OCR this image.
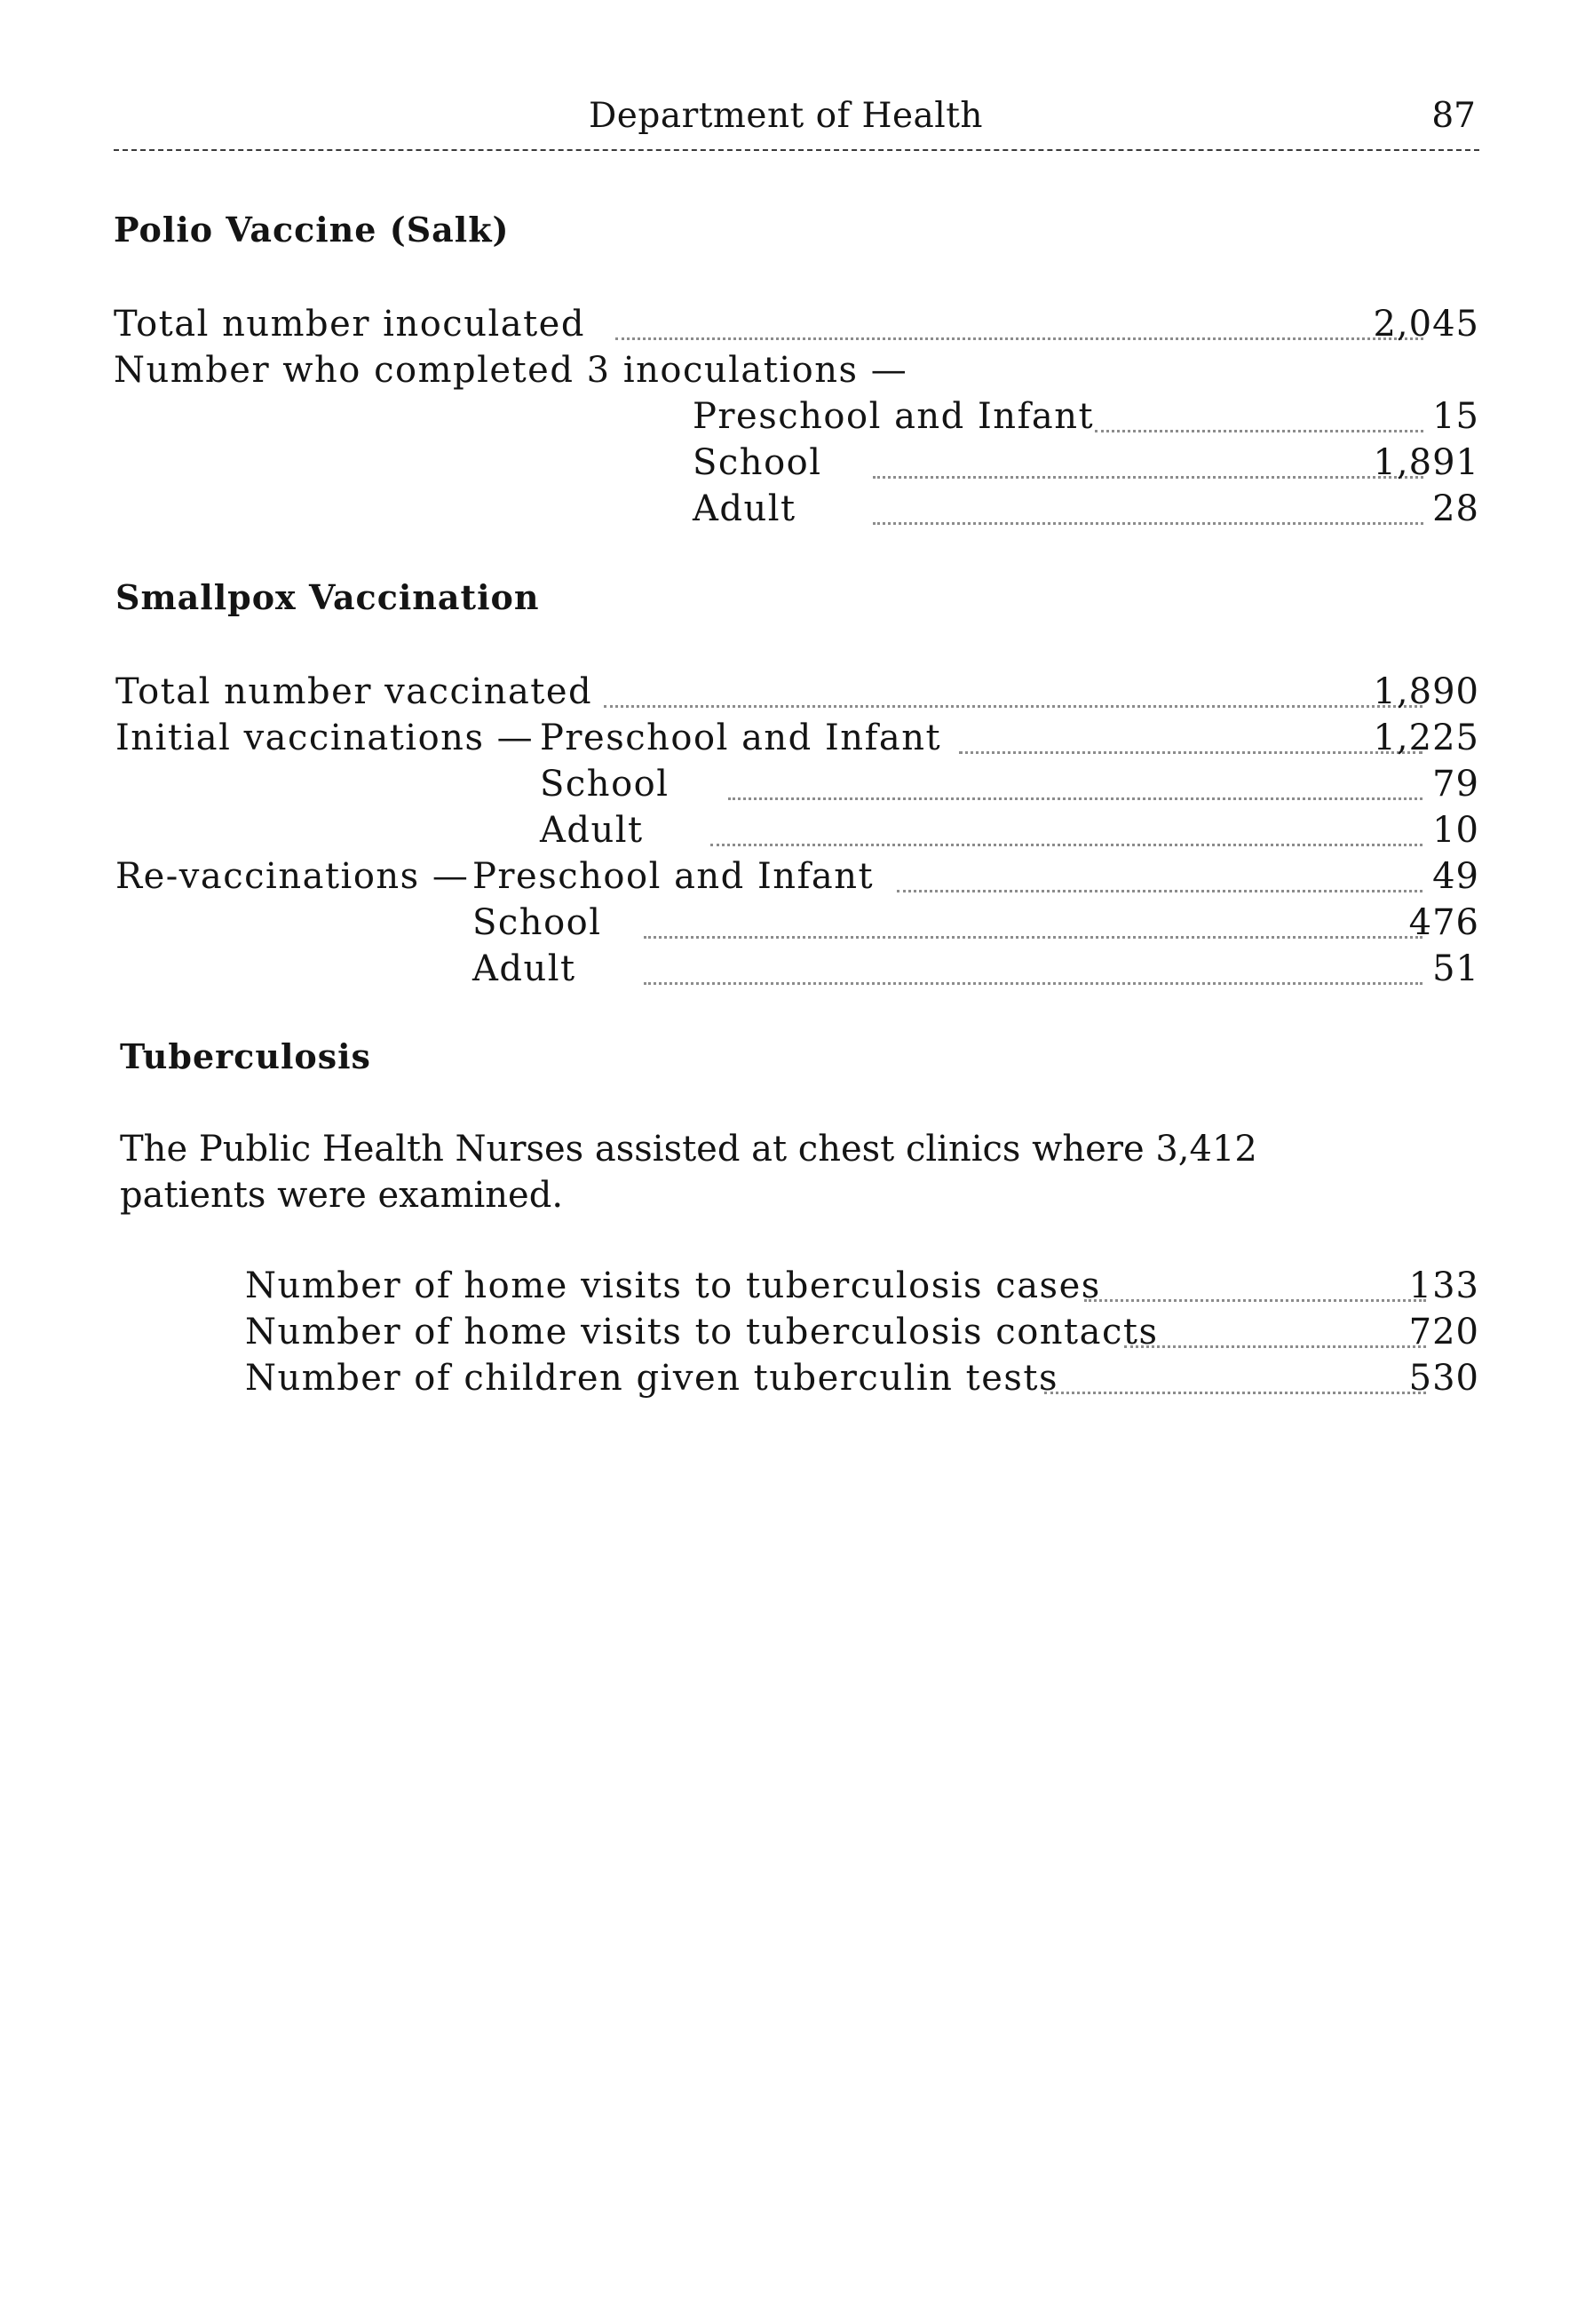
Department of Health	87
Polio Vaccine (Salk)
Total number inoculated	2,045
Number who completed 3 inoculations —
Preschool and Infant	15
School	1,891
Adult	28
Smallpox Vaccination
Total number vaccinated	1,890
Initial vaccinations — Preschool and Infant	1,225
School	79
Adult	10
Re-vaccinations — Preschool and Infant	49
School	476
Adult	51
Tuberculosis

The Public Health Nurses assisted at chest clinics where 3,412 patients were examined.

Number of home visits to tuberculosis cases	133
Number of home visits to tuberculosis contacts	720
Number of children given tuberculin tests	530
